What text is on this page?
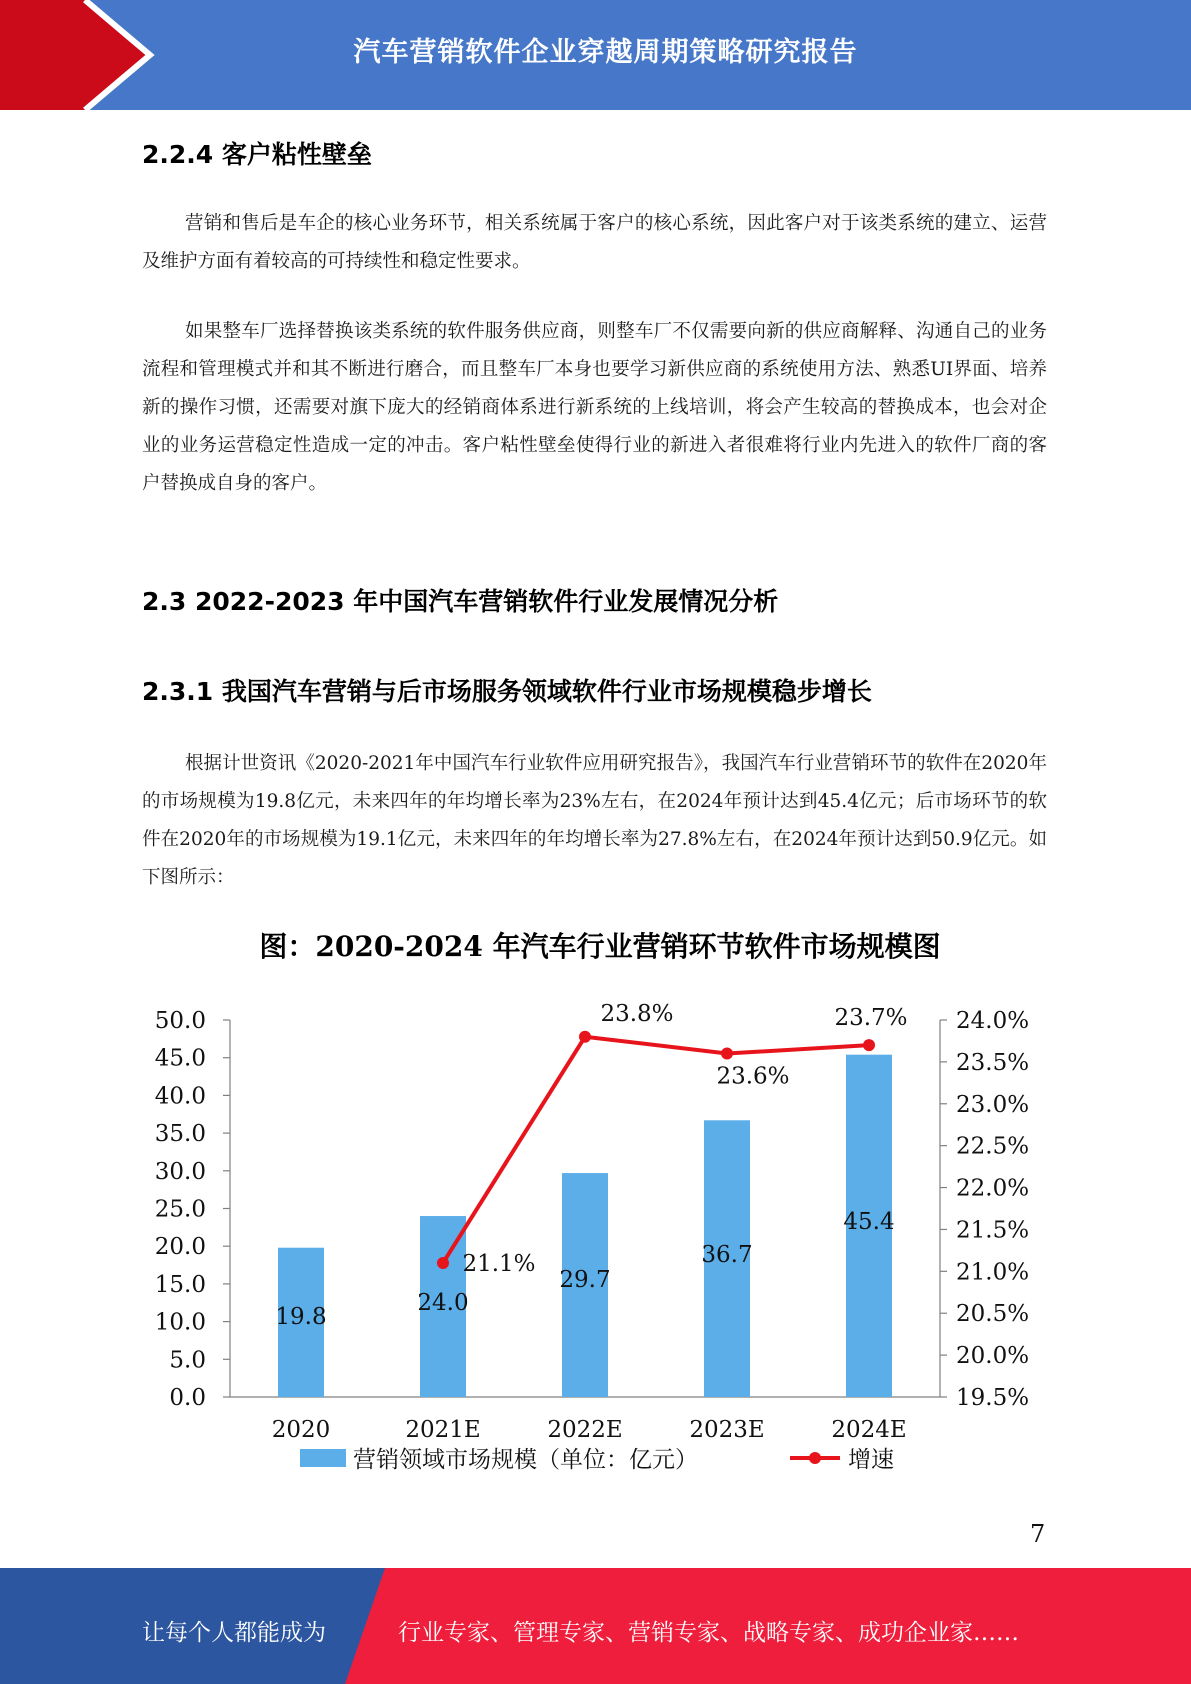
汽车营销软件企业穿越周期策略研究报告
2.2.4 客户粘性壁垒
营销和售后是车企的核心业务环节，相关系统属于客户的核心系统，因此客户对于该类系统的建立、运营及维护方面有着较高的可持续性和稳定性要求。
如果整车厂选择替换该类系统的软件服务供应商，则整车厂不仅需要向新的供应商解释、沟通自己的业务流程和管理模式并和其不断进行磨合，而且整车厂本身也要学习新供应商的系统使用方法、熟悉UI界面、培养新的操作习惯，还需要对旗下庞大的经销商体系进行新系统的上线培训，将会产生较高的替换成本，也会对企业的业务运营稳定性造成一定的冲击。客户粘性壁垒使得行业的新进入者很难将行业内先进入的软件厂商的客户替换成自身的客户。
2.3 2022-2023 年中国汽车营销软件行业发展情况分析
2.3.1 我国汽车营销与后市场服务领域软件行业市场规模稳步增长
根据计世资讯《2020-2021年中国汽车行业软件应用研究报告》，我国汽车行业营销环节的软件在2020年的市场规模为19.8亿元，未来四年的年均增长率为23%左右，在2024年预计达到45.4亿元；后市场环节的软件在2020年的市场规模为19.1亿元，未来四年的年均增长率为27.8%左右，在2024年预计达到50.9亿元。如下图所示：
图：2020-2024 年汽车行业营销环节软件市场规模图
0.0
5.0
10.0
15.0
20.0
25.0
30.0
35.0
40.0
45.0
50.0
19.5%
20.0%
20.5%
21.0%
21.5%
22.0%
22.5%
23.0%
23.5%
24.0%
19.8
24.0
29.7
36.7
45.4
2020	2021E	2022E	2023E	2024E
21.1%
23.8%
23.6%
23.7%
营销领域市场规模（单位：亿元）	增速
7
让每个人都能成为	行业专家、管理专家、营销专家、战略专家、成功企业家……
